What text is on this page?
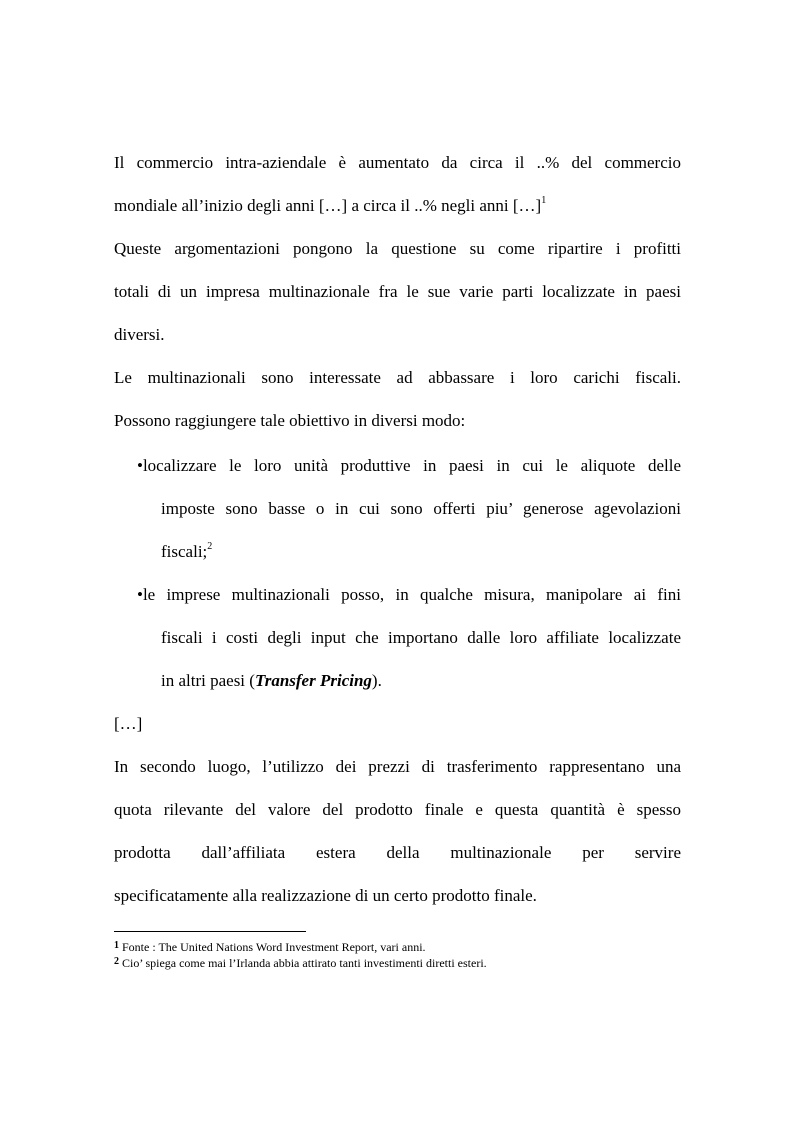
Il commercio intra-aziendale è aumentato da circa il ..% del commercio

mondiale all’inizio degli anni […] a circa il ..% negli anni […]$^1$

Queste argomentazioni pongono la questione su come ripartire i profitti

totali di un impresa multinazionale fra le sue varie parti localizzate in paesi

diversi.

Le multinazionali sono interessate ad abbassare i loro carichi fiscali.

Possono raggiungere tale obiettivo in diversi modo:

•localizzare le loro unità produttive in paesi in cui le aliquote delle

imposte sono basse o in cui sono offerti piu’ generose agevolazioni

fiscali;$^2$

•le imprese multinazionali posso, in qualche misura, manipolare ai fini

fiscali i costi degli input che importano dalle loro affiliate localizzate

in altri paesi (Transfer Pricing).

[…]

In secondo luogo, l’utilizzo dei prezzi di trasferimento rappresentano una

quota rilevante del valore del prodotto finale e questa quantità è spesso

prodotta dall’affiliata estera della multinazionale per servire

specificatamente alla realizzazione di un certo prodotto finale.

$^1$ Fonte : The United Nations Word Investment Report, vari anni.
$^2$ Cio’ spiega come mai l’Irlanda abbia attirato tanti investimenti diretti esteri.
